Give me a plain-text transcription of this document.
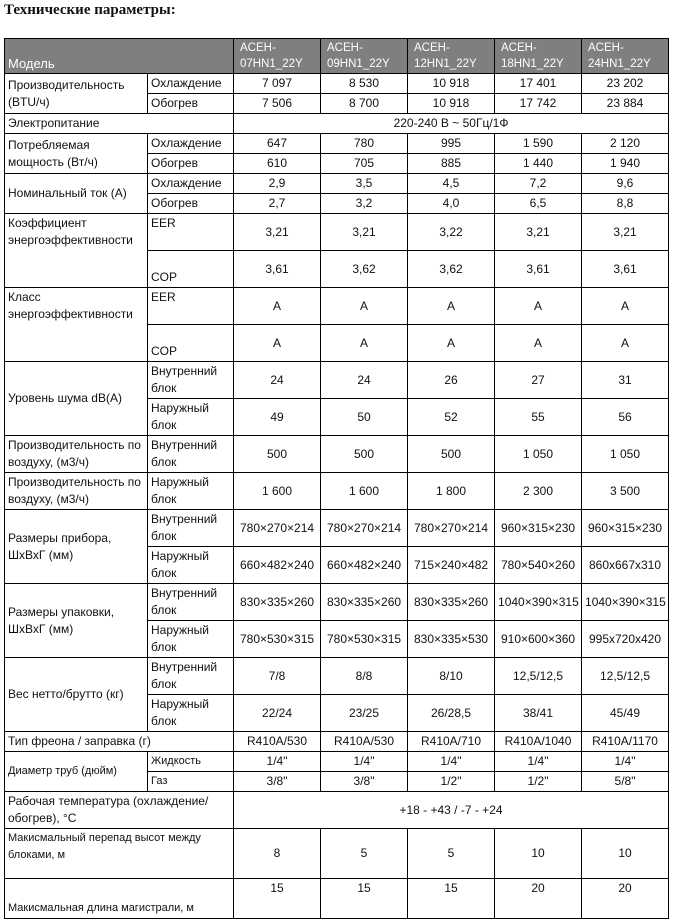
Технические параметры:
Модель		ACEH-07HN1_22Y	ACEH-09HN1_22Y	ACEH-12HN1_22Y	ACEH-18HN1_22Y	ACEH-24HN1_22Y
Производительность (BTU/ч)	Охлаждение	7 097	8 530	10 918	17 401	23 202
	Обогрев	7 506	8 700	10 918	17 742	23 884
Электропитание		220-240 В ~ 50Гц/1Ф				
Потребляемая мощность (Вт/ч)	Охлаждение	647	780	995	1 590	2 120
	Обогрев	610	705	885	1 440	1 940
Номинальный ток (А)	Охлаждение	2,9	3,5	4,5	7,2	9,6
	Обогрев	2,7	3,2	4,0	6,5	8,8
Коэффициент энергоэффективности	EER	3,21	3,21	3,22	3,21	3,21
	COP	3,61	3,62	3,62	3,61	3,61
Класс энергоэффективности	EER	A	A	A	A	A
	COP	A	A	A	A	A
Уровень шума dB(A)	Внутренний блок	24	24	26	27	31
	Наружный блок	49	50	52	55	56
Производительность по воздуху, (м3/ч)	Внутренний блок	500	500	500	1 050	1 050
Производительность по воздуху, (м3/ч)	Наружный блок	1 600	1 600	1 800	2 300	3 500
Размеры прибора, ШхВхГ (мм)	Внутренний блок	780×270×214	780×270×214	780×270×214	960×315×230	960×315×230
	Наружный блок	660×482×240	660×482×240	715×240×482	780×540×260	860x667x310
Размеры упаковки, ШхВхГ (мм)	Внутренний блок	830×335×260	830×335×260	830×335×260	1040×390×315	1040×390×315
	Наружный блок	780×530×315	780×530×315	830×335×530	910×600×360	995x720x420
Вес нетто/брутто (кг)	Внутренний блок	7/8	8/8	8/10	12,5/12,5	12,5/12,5
	Наружный блок	22/24	23/25	26/28,5	38/41	45/49
Тип фреона / заправка (г)		R410A/530	R410A/530	R410A/710	R410A/1040	R410A/1170
Диаметр труб (дюйм)	Жидкость	1/4"	1/4"	1/4"	1/4"	1/4"
	Газ	3/8"	3/8"	1/2"	1/2"	5/8"
Рабочая температура (охлаждение/обогрев), °С		+18 - +43 / -7 - +24				
Макисмальный перепад высот между блоками, м		8	5	5	10	10
Макисмальная длина магистрали, м		15	15	15	20	20
